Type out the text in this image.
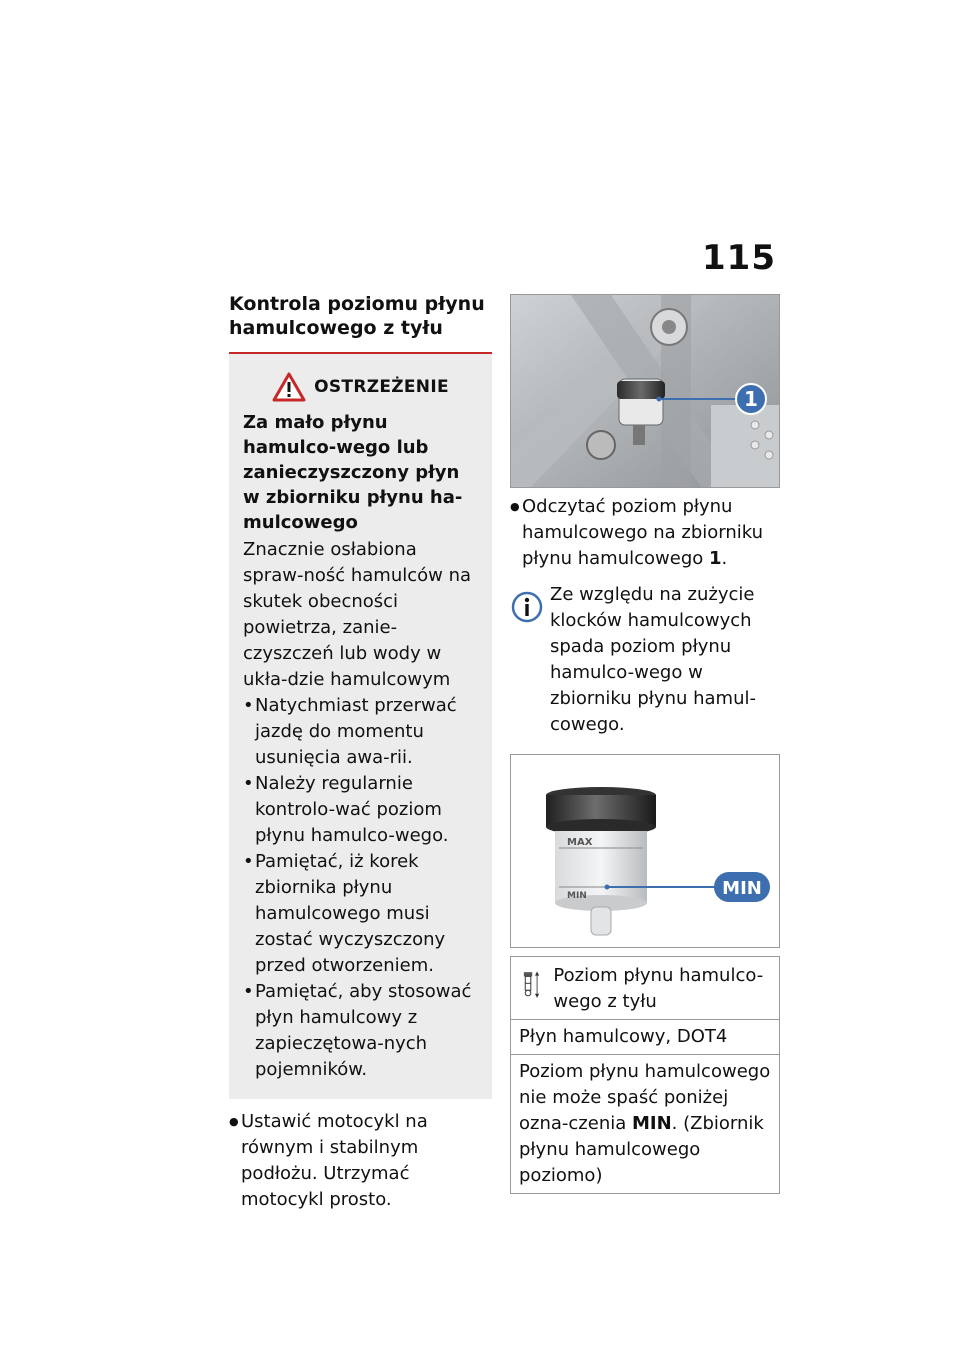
115
Kontrola poziomu płynu hamulcowego z tyłu
OSTRZEŻENIE
Za mało płynu hamulco-wego lub zanieczyszczony płyn w zbiorniku płynu ha-mulcowego
Znacznie osłabiona spraw-ność hamulców na skutek obecności powietrza, zanie-czyszczeń lub wody w ukła-dzie hamulcowym
• Natychmiast przerwać jazdę do momentu usunięcia awa-rii.
• Należy regularnie kontrolo-wać poziom płynu hamulco-wego.
• Pamiętać, iż korek zbiornika płynu hamulcowego musi zostać wyczyszczony przed otworzeniem.
• Pamiętać, aby stosować płyn hamulcowy z zapieczętowa-nych pojemników.
● Ustawić motocykl na równym i stabilnym podłożu. Utrzymać motocykl prosto.
1
● Odczytać poziom płynu hamulcowego na zbiorniku płynu hamulcowego 1.
Ze względu na zużycie klocków hamulcowych spada poziom płynu hamulco-wego w zbiorniku płynu hamul-cowego.
MAX
MIN	MIN
Poziom płynu hamulco-wego z tyłu
Płyn hamulcowy, DOT4
Poziom płynu hamulcowego nie może spaść poniżej ozna-czenia MIN. (Zbiornik płynu hamulcowego poziomo)
